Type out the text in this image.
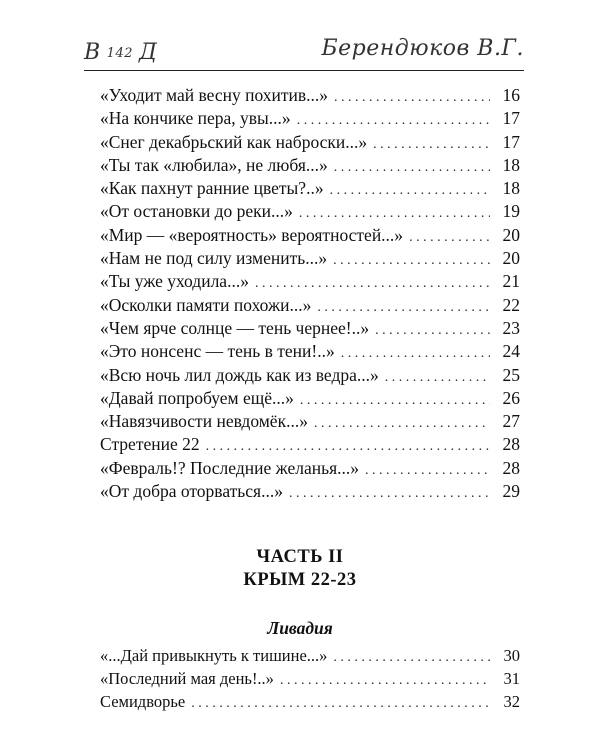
В 142 Д	Берендюков В.Г.
«Уходит май весну похитив...» . . .	16
«На кончике пера, увы...» . . .	17
«Снег декабрьский как наброски...» . . .	17
«Ты так «любила», не любя...» . . .	18
«Как пахнут ранние цветы?..» . . .	18
«От остановки до реки...» . . .	19
«Мир — «вероятность» вероятностей...» . . .	20
«Нам не под силу изменить...» . . .	20
«Ты уже уходила...» . . .	21
«Осколки памяти похожи...» . . .	22
«Чем ярче солнце — тень чернее!..» . . .	23
«Это нонсенс — тень в тени!..» . . .	24
«Всю ночь лил дождь как из ведра...» . . .	25
«Давай попробуем ещё...» . . .	26
«Навязчивости невдомёк...» . . .	27
Стретение 22 . . .	28
«Февраль!? Последние желанья...» . . .	28
«От добра оторваться...» . . .	29
ЧАСТЬ II
КРЫМ 22-23
Ливадия
«...Дай привыкнуть к тишине...» . . .	30
«Последний мая день!..» . . .	31
Семидворье . . .	32
